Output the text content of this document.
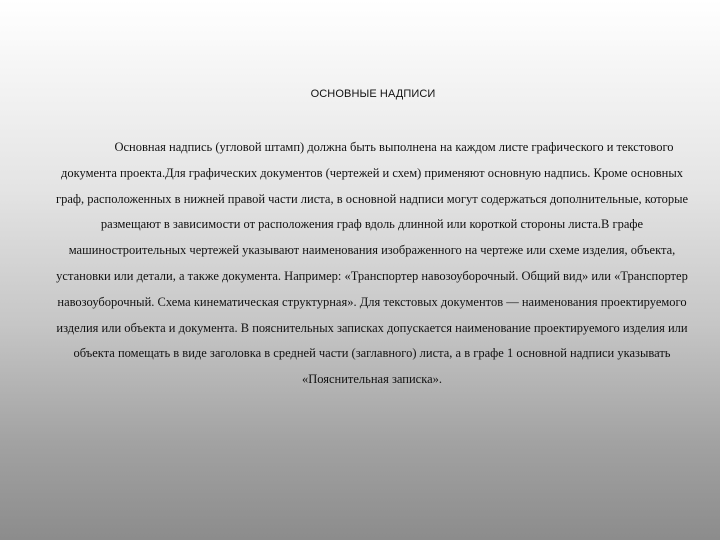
ОСНОВНЫЕ НАДПИСИ

Основная надпись (угловой штамп) должна быть выполнена на каждом листе графического и текстового документа проекта.Для графических документов (чертежей и схем) применяют основную надпись. Кроме основных граф, расположенных в нижней правой части листа, в основной надписи могут содержаться дополнительные, которые размещают в зависимости от расположения граф вдоль длинной или короткой стороны листа.В графе машиностроительных чертежей указывают наименования изображенного на чертеже или схеме изделия, объекта, установки или детали, а также документа. Например: «Транспортер навозоуборочный. Общий вид» или «Транспортер навозоуборочный. Схема кинематическая структурная». Для текстовых документов — наименования проектируемого изделия или объекта и документа. В пояснительных записках допускается наименование проектируемого изделия или объекта помещать в виде заголовка в средней части (заглавного) листа, а в графе 1 основной надписи указывать «Пояснительная записка».
